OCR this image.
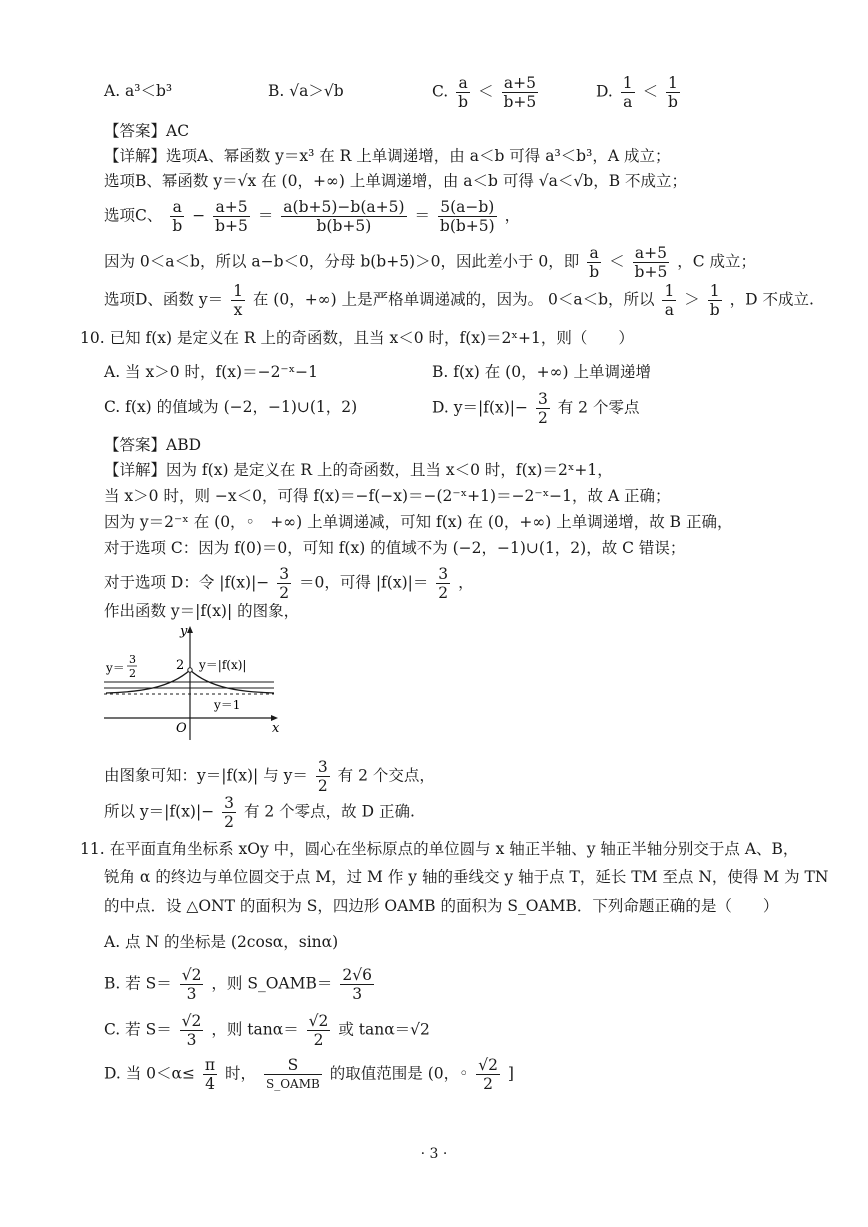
A. a³＜b³	B. √a＞√b	C. $\frac{a}{b} < \frac{a+5}{b+5}$	D. $\frac{1}{a} < \frac{1}{b}$
【答案】AC
【详解】选项A、幂函数 y＝x³ 在 R 上单调递增，由 a＜b 可得 a³＜b³，A 成立；
选项B、幂函数 y＝√x 在 (0，+∞) 上单调递增，由 a＜b 可得 √a＜√b，B 不成立；
选项C、 $\frac{a}{b} - \frac{a+5}{b+5} = \frac{a(b+5)-b(a+5)}{b(b+5)} = \frac{5(a-b)}{b(b+5)}$ ，
因为 0＜a＜b，所以 a−b＜0，分母 b(b+5)＞0，因此差小于 0，即 $\frac{a}{b} < \frac{a+5}{b+5}$ ，C 成立；
选项D、函数 $y= \frac{1}{x}$ 在 (0，+∞) 上是严格单调递减的，因为。 0＜a＜b，所以 $\frac{1}{a} > \frac{1}{b}$ ，D 不成立.
10. 已知 f(x) 是定义在 R 上的奇函数，且当 x＜0 时，f(x)＝2ˣ+1，则（　　）
A. 当 x＞0 时，f(x)＝−2⁻ˣ−1	B. f(x) 在 (0，+∞) 上单调递增
C. f(x) 的值域为 (−2，−1)∪(1，2)	D. $y=|f(x)|- \frac{3}{2}$ 有 2 个零点
【答案】ABD
【详解】因为 f(x) 是定义在 R 上的奇函数，且当 x＜0 时，f(x)＝2ˣ+1，
当 x＞0 时，则 −x＜0，可得 f(x)＝−f(−x)＝−(2⁻ˣ+1)＝−2⁻ˣ−1，故 A 正确；
因为 y＝2⁻ˣ 在 (0，◦　+∞) 上单调递减，可知 f(x) 在 (0，+∞) 上单调递增，故 B 正确，
对于选项 C：因为 f(0)＝0，可知 f(x) 的值域不为 (−2，−1)∪(1，2)，故 C 错误；
对于选项 D：令 $|f(x)|- \frac{3}{2} =0$，可得 $|f(x)|= \frac{3}{2}$ ，
作出函数 y＝|f(x)| 的图象，
y
x
O
2 y＝|f(x)|
y＝1
y＝
3
2
由图象可知：y＝|f(x)| 与 $y= \frac{3}{2}$ 有 2 个交点，
所以 $y=|f(x)|- \frac{3}{2}$ 有 2 个零点，故 D 正确.
11. 在平面直角坐标系 xOy 中，圆心在坐标原点的单位圆与 x 轴正半轴、y 轴正半轴分别交于点 A、B，
锐角 α 的终边与单位圆交于点 M，过 M 作 y 轴的垂线交 y 轴于点 T，延长 TM 至点 N，使得 M 为 TN
的中点．设 △ONT 的面积为 S，四边形 OAMB 的面积为 S_OAMB．下列命题正确的是（　　）
A. 点 N 的坐标是 (2cosα，sinα)
B. 若 $S= \frac{√2}{3}$ ，则 S_OAMB＝ $\frac{2√6}{3}$
C. 若 $S= \frac{√2}{3}$ ，则 $\tan\alpha= \frac{√2}{2}$ 或 tanα＝√2
D. 当 $0<\alpha\le \frac{\pi}{4}$ 时， $\frac{S}{\text{S\_OAMB}}$ 的取值范围是 (0，◦ $\frac{√2}{2}$ ]
· 3 ·
